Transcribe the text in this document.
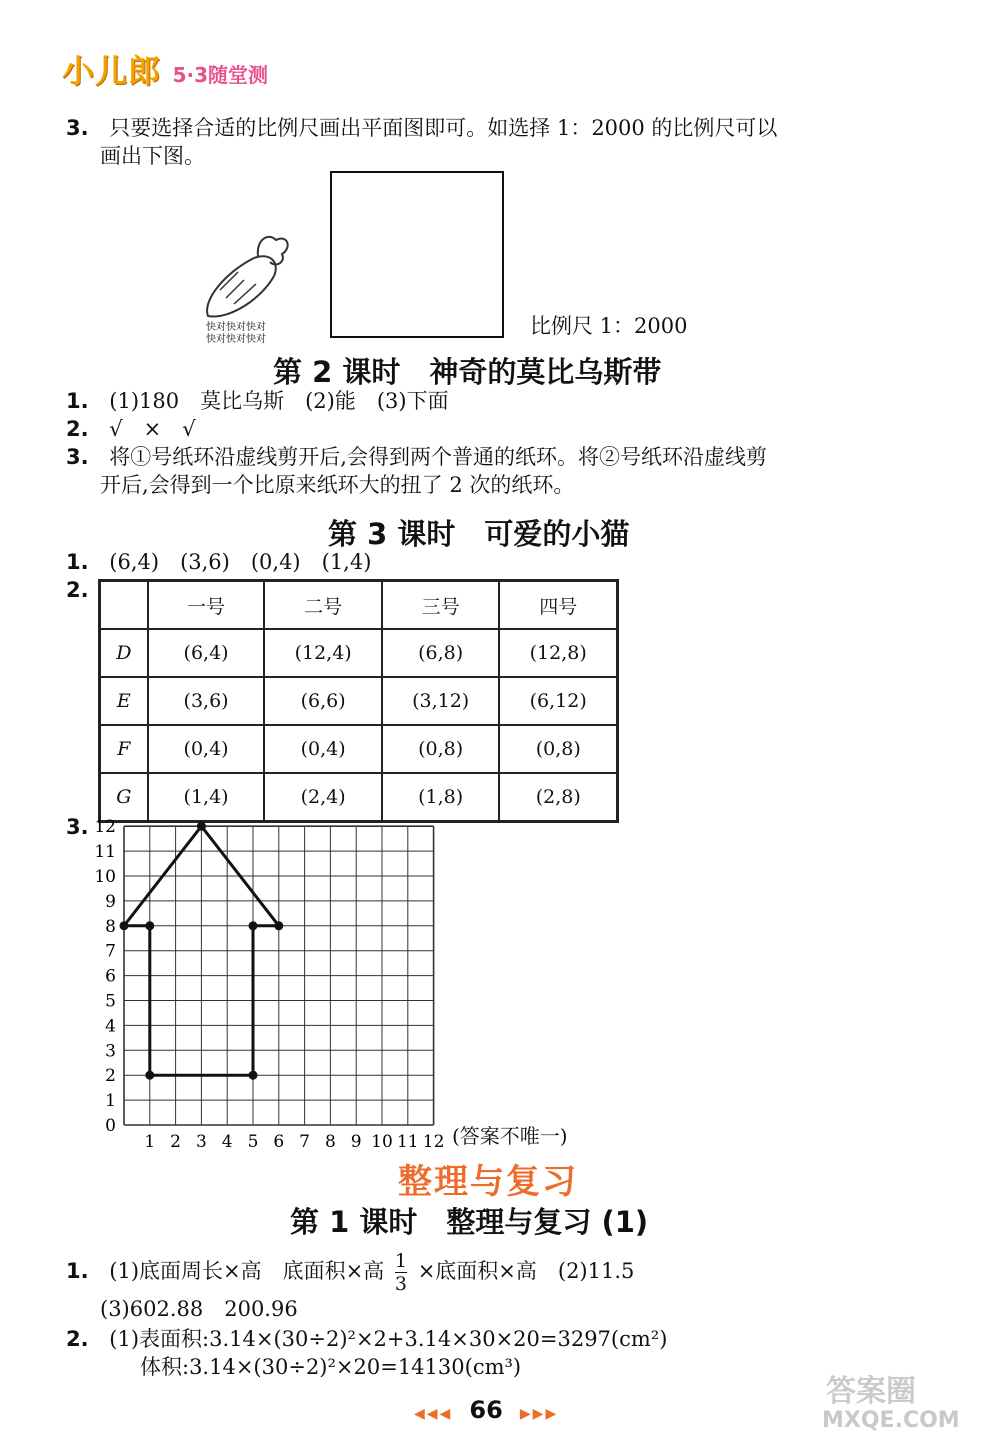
小儿郎 5·3随堂测
3. 只要选择合适的比例尺画出平面图即可。如选择 1：2000 的比例尺可以
画出下图。
快对快对快对
快对快对快对
比例尺 1：2000
第 2 课时　神奇的莫比乌斯带
1. (1)180　莫比乌斯　(2)能　(3)下面
2. √　×　√
3. 将①号纸环沿虚线剪开后,会得到两个普通的纸环。将②号纸环沿虚线剪
开后,会得到一个比原来纸环大的扭了 2 次的纸环。
第 3 课时　可爱的小猫
1. (6,4)　(3,6)　(0,4)　(1,4)
2.
	一号	二号	三号	四号
D	(6,4)	(12,4)	(6,8)	(12,8)
E	(3,6)	(6,6)	(3,12)	(6,12)
F	(0,4)	(0,4)	(0,8)	(0,8)
G	(1,4)	(2,4)	(1,8)	(2,8)
3.
0
1
2
3
4
5
6
7
8
9
10
11
12
1 2 3 4 5 6 7 8 9 10 11 12 (答案不唯一)
整理与复习
第 1 课时　整理与复习 (1)
1. (1)底面周长×高　底面积×高 $\frac{1}{3}$ ×底面积×高　(2)11.5
(3)602.88　200.96
2. (1)表面积:3.14×(30÷2)²×2+3.14×30×20=3297(cm²)
体积:3.14×(30÷2)²×20=14130(cm³)
◀◀◀ 66 ▶▶▶
答案圈
MXQE.COM
